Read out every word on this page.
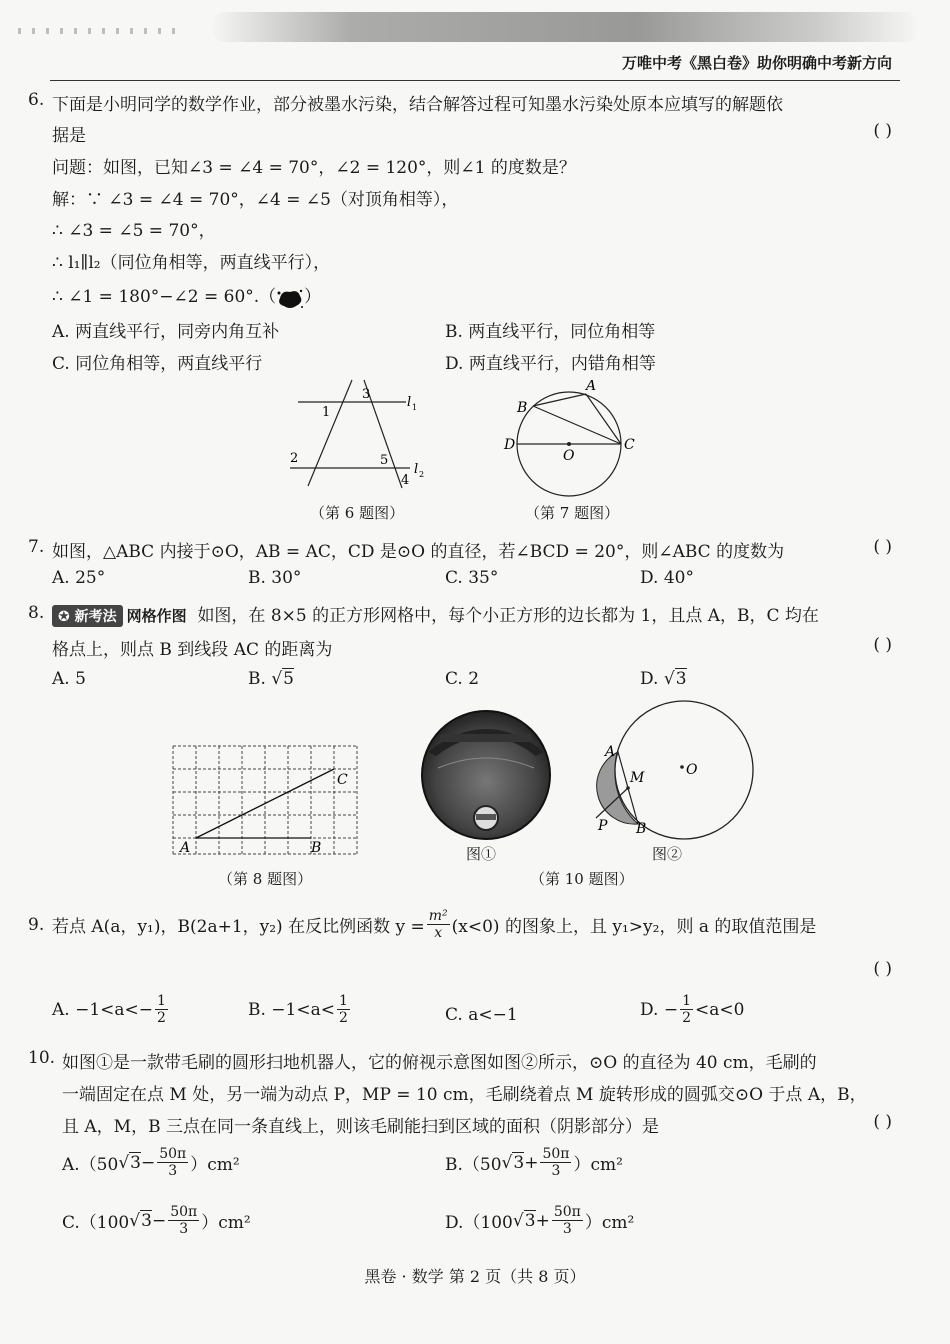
万唯中考《黑白卷》助你明确中考新方向
6. 下面是小明同学的数学作业，部分被墨水污染，结合解答过程可知墨水污染处原本应填写的解题依
据是	( )
问题：如图，已知∠3 = ∠4 = 70°，∠2 = 120°，则∠1 的度数是？
解：∵ ∠3 = ∠4 = 70°，∠4 = ∠5（对顶角相等），
∴ ∠3 = ∠5 = 70°，
∴ l₁∥l₂（同位角相等，两直线平行），
∴ ∠1 = 180°−∠2 = 60°.（ ）
A. 两直线平行，同旁内角互补	B. 两直线平行，同位角相等
C. 同位角相等，两直线平行	D. 两直线平行，内错角相等
1
2
3
4
5
l 1
l 2
（第 6 题图）
A
B
C
D
O
（第 7 题图）
7. 如图，△ABC 内接于⊙O，AB = AC，CD 是⊙O 的直径，若∠BCD = 20°，则∠ABC 的度数为	( )
A. 25°	B. 30°	C. 35°	D. 40°
8. ✪ 新考法 网格作图 如图，在 8×5 的正方形网格中，每个小正方形的边长都为 1，且点 A，B，C 均在
格点上，则点 B 到线段 AC 的距离为	( )
A. 5	B. √5	C. 2	D. √3
A	B
C
（第 8 题图）
图①
A
M	O
P B
图②
（第 10 题图）
9. 若点 A(a，y₁)，B(2a+1，y₂) 在反比例函数 $y = \frac{\text{m²}}{x} (x<0)$ 的图象上，且 y₁>y₂，则 a 的取值范围是
( )
A. $-1<a<- \frac{1}{2}$	B. $-1<a< \frac{1}{2}$	C. a<−1	D. − $\frac{1}{2} <a<0$
10. 如图①是一款带毛刷的圆形扫地机器人，它的俯视示意图如图②所示，⊙O 的直径为 40 cm，毛刷的
一端固定在点 M 处，另一端为动点 P，MP = 10 cm，毛刷绕着点 M 旋转形成的圆弧交⊙O 于点 A，B，
且 A，M，B 三点在同一条直线上，则该毛刷能扫到区域的面积（阴影部分）是	( )
A.（50 √ $3 - \frac{50\pi}{3} )cm^2$	B.（50 √ $3 + \frac{50\pi}{3} )cm^2$
C.（100 √ $3 - \frac{50\pi}{3} )cm^2$	D.（100 √ $3 + \frac{50\pi}{3} )cm^2$
黑卷 · 数学 第 2 页（共 8 页）
